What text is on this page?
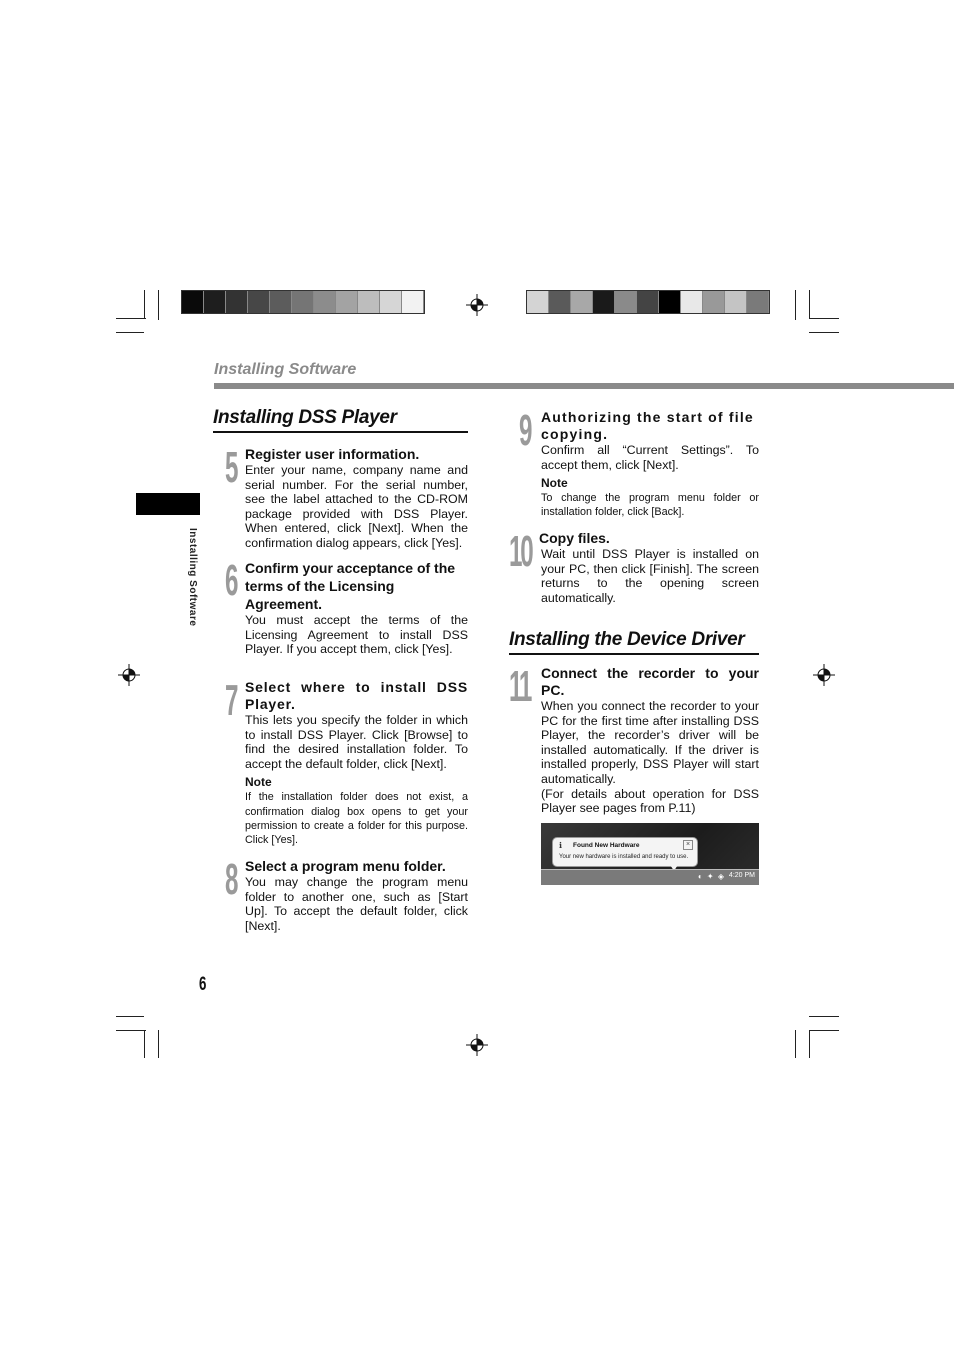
Installing Software
Installing Software
Installing DSS Player
5 Register user information.
Enter your name, company name and serial number. For the serial number, see the label attached to the CD-ROM package provided with DSS Player. When entered, click [Next]. When the confirmation dialog appears, click [Yes].
6 Confirm your acceptance of the terms of the Licensing Agreement.
You must accept the terms of the Licensing Agreement to install DSS Player. If you accept them, click [Yes].
7 Select where to install DSS Player.
This lets you specify the folder in which to install DSS Player. Click [Browse] to find the desired installation folder. To accept the default folder, click [Next].
Note
If the installation folder does not exist, a confirmation dialog box opens to get your permission to create a folder for this purpose. Click [Yes].
8 Select a program menu folder.
You may change the program menu folder to another one, such as [Start Up]. To accept the default folder, click [Next].
9 Authorizing the start of file copying.
Confirm all “Current Settings”. To accept them, click [Next].
Note
To change the program menu folder or installation folder, click [Back].
10 Copy files.
Wait until DSS Player is installed on your PC, then click [Finish]. The screen returns to the opening screen automatically.
Installing the Device Driver
11 Connect the recorder to your PC.
When you connect the recorder to your PC for the first time after installing DSS Player, the recorder’s driver will be installed automatically. If the driver is installed properly, DSS Player will start automatically.
(For details about operation for DSS Player see pages from P.11)
ℹ Found New Hardware	×
Your new hardware is installed and ready to use.
◐ ✦ ◈ 4:20 PM
6
